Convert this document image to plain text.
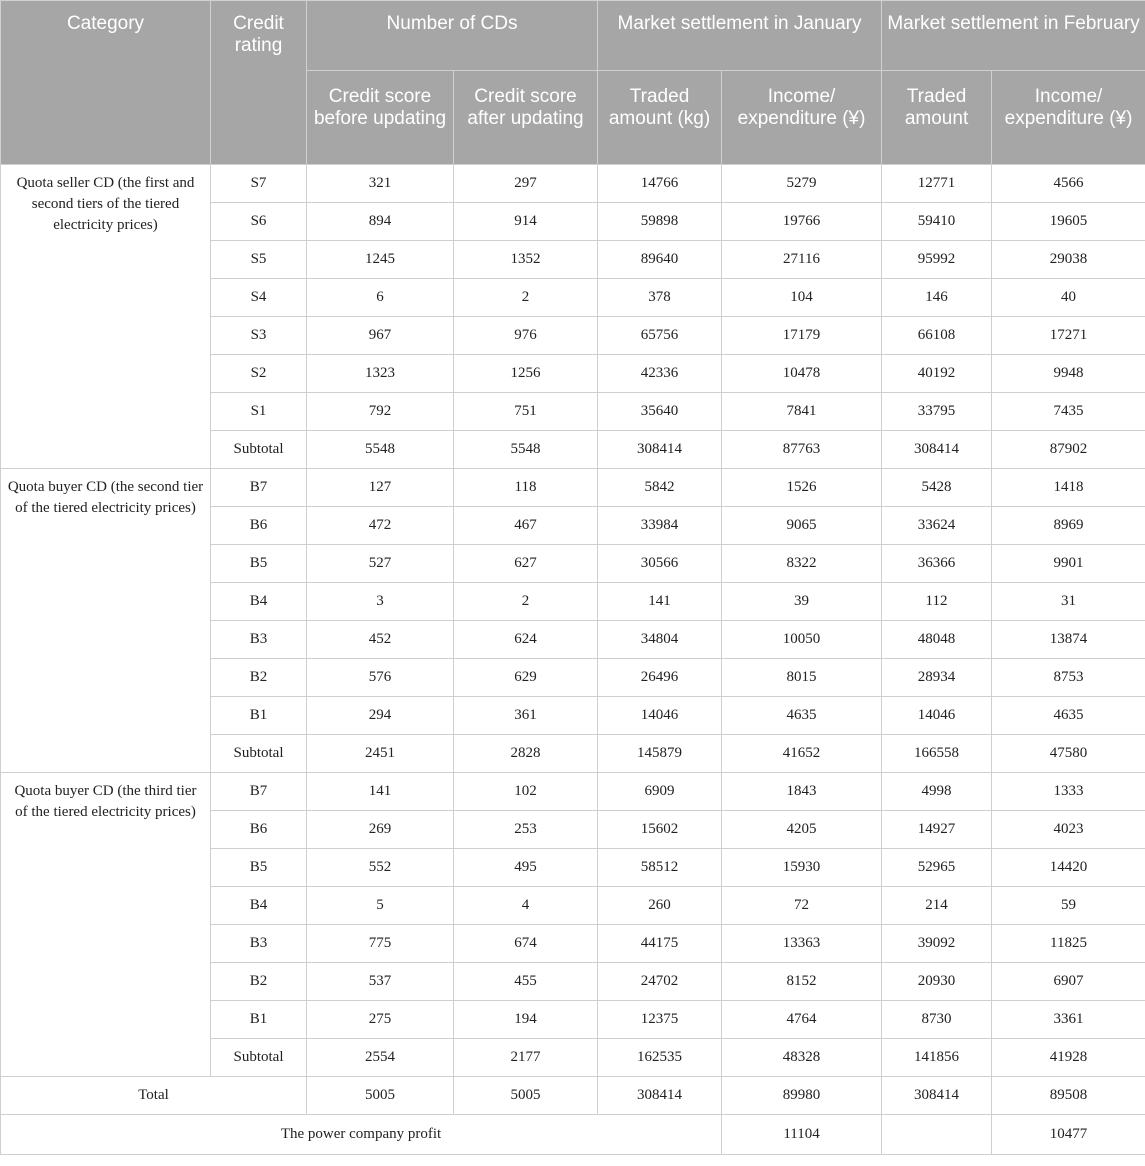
Category	Credit rating	Number of CDs		Market settlement in January		Market settlement in February	
		Credit score before updating	Credit score after updating	Traded amount (kg)	Income/ expenditure (¥)	Traded amount	Income/ expenditure (¥)
Quota seller CD (the first and second tiers of the tiered electricity prices)	S7	321	297	14766	5279	12771	4566
	S6	894	914	59898	19766	59410	19605
	S5	1245	1352	89640	27116	95992	29038
	S4	6	2	378	104	146	40
	S3	967	976	65756	17179	66108	17271
	S2	1323	1256	42336	10478	40192	9948
	S1	792	751	35640	7841	33795	7435
	Subtotal	5548	5548	308414	87763	308414	87902
Quota buyer CD (the second tier of the tiered electricity prices)	B7	127	118	5842	1526	5428	1418
	B6	472	467	33984	9065	33624	8969
	B5	527	627	30566	8322	36366	9901
	B4	3	2	141	39	112	31
	B3	452	624	34804	10050	48048	13874
	B2	576	629	26496	8015	28934	8753
	B1	294	361	14046	4635	14046	4635
	Subtotal	2451	2828	145879	41652	166558	47580
Quota buyer CD (the third tier of the tiered electricity prices)	B7	141	102	6909	1843	4998	1333
	B6	269	253	15602	4205	14927	4023
	B5	552	495	58512	15930	52965	14420
	B4	5	4	260	72	214	59
	B3	775	674	44175	13363	39092	11825
	B2	537	455	24702	8152	20930	6907
	B1	275	194	12375	4764	8730	3361
	Subtotal	2554	2177	162535	48328	141856	41928
Total		5005	5005	308414	89980	308414	89508
The power company profit					11104		10477
